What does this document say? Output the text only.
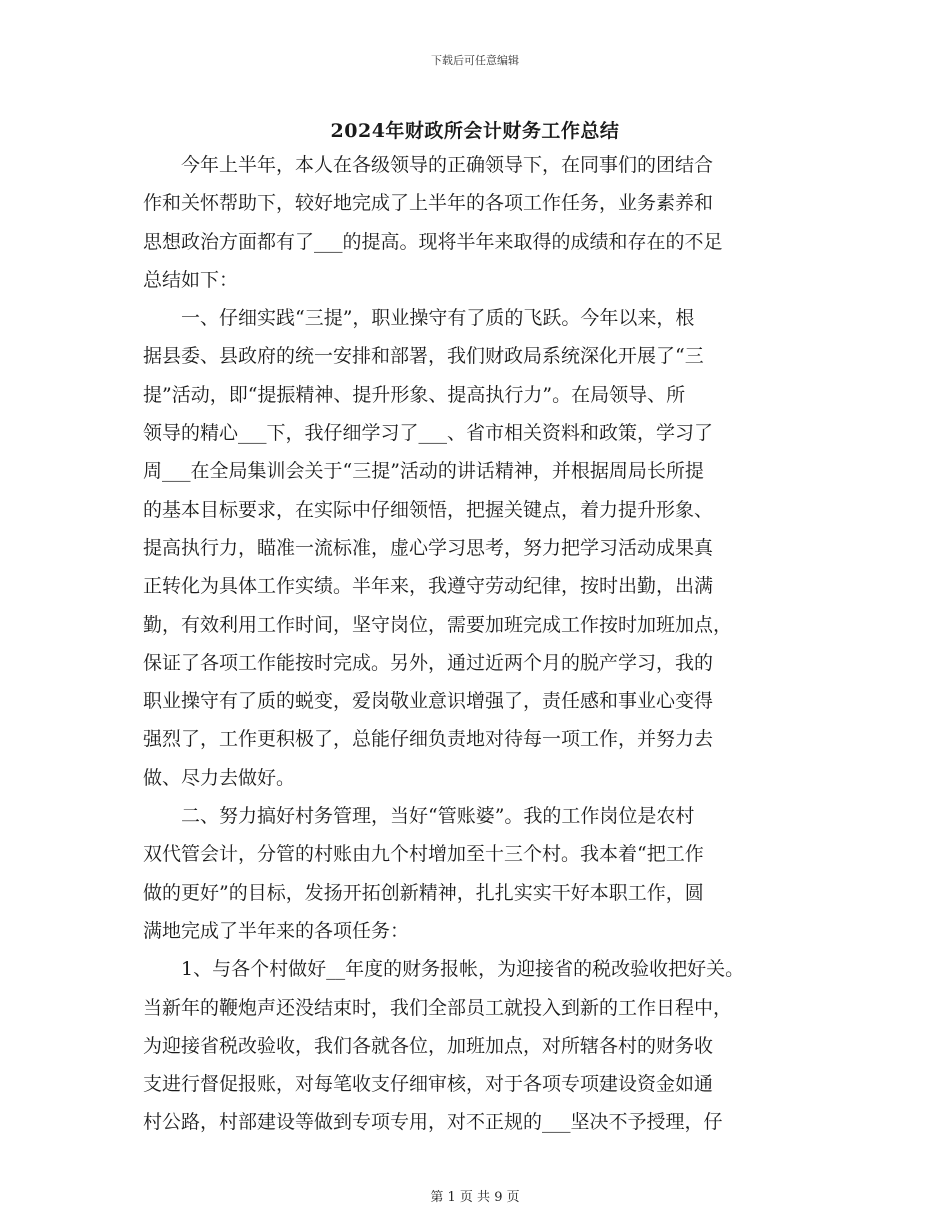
下载后可任意编辑
2024年财政所会计财务工作总结
今年上半年，本人在各级领导的正确领导下，在同事们的团结合
作和关怀帮助下，较好地完成了上半年的各项工作任务，业务素养和
思想政治方面都有了___的提高。现将半年来取得的成绩和存在的不足
总结如下：
一、仔细实践“三提”，职业操守有了质的飞跃。今年以来，根
据县委、县政府的统一安排和部署，我们财政局系统深化开展了“三
提”活动，即“提振精神、提升形象、提高执行力”。在局领导、所
领导的精心___下，我仔细学习了___、省市相关资料和政策，学习了
周___在全局集训会关于“三提”活动的讲话精神，并根据周局长所提
的基本目标要求，在实际中仔细领悟，把握关键点，着力提升形象、
提高执行力，瞄准一流标准，虚心学习思考，努力把学习活动成果真
正转化为具体工作实绩。半年来，我遵守劳动纪律，按时出勤，出满
勤，有效利用工作时间，坚守岗位，需要加班完成工作按时加班加点，
保证了各项工作能按时完成。另外，通过近两个月的脱产学习，我的
职业操守有了质的蜕变，爱岗敬业意识增强了，责任感和事业心变得
强烈了，工作更积极了，总能仔细负责地对待每一项工作，并努力去
做、尽力去做好。
二、努力搞好村务管理，当好“管账婆”。我的工作岗位是农村
双代管会计，分管的村账由九个村增加至十三个村。我本着“把工作
做的更好”的目标，发扬开拓创新精神，扎扎实实干好本职工作，圆
满地完成了半年来的各项任务：
1、与各个村做好__年度的财务报帐，为迎接省的税改验收把好关。
当新年的鞭炮声还没结束时，我们全部员工就投入到新的工作日程中，
为迎接省税改验收，我们各就各位，加班加点，对所辖各村的财务收
支进行督促报账，对每笔收支仔细审核，对于各项专项建设资金如通
村公路，村部建设等做到专项专用，对不正规的___坚决不予授理，仔
第 1 页 共 9 页
